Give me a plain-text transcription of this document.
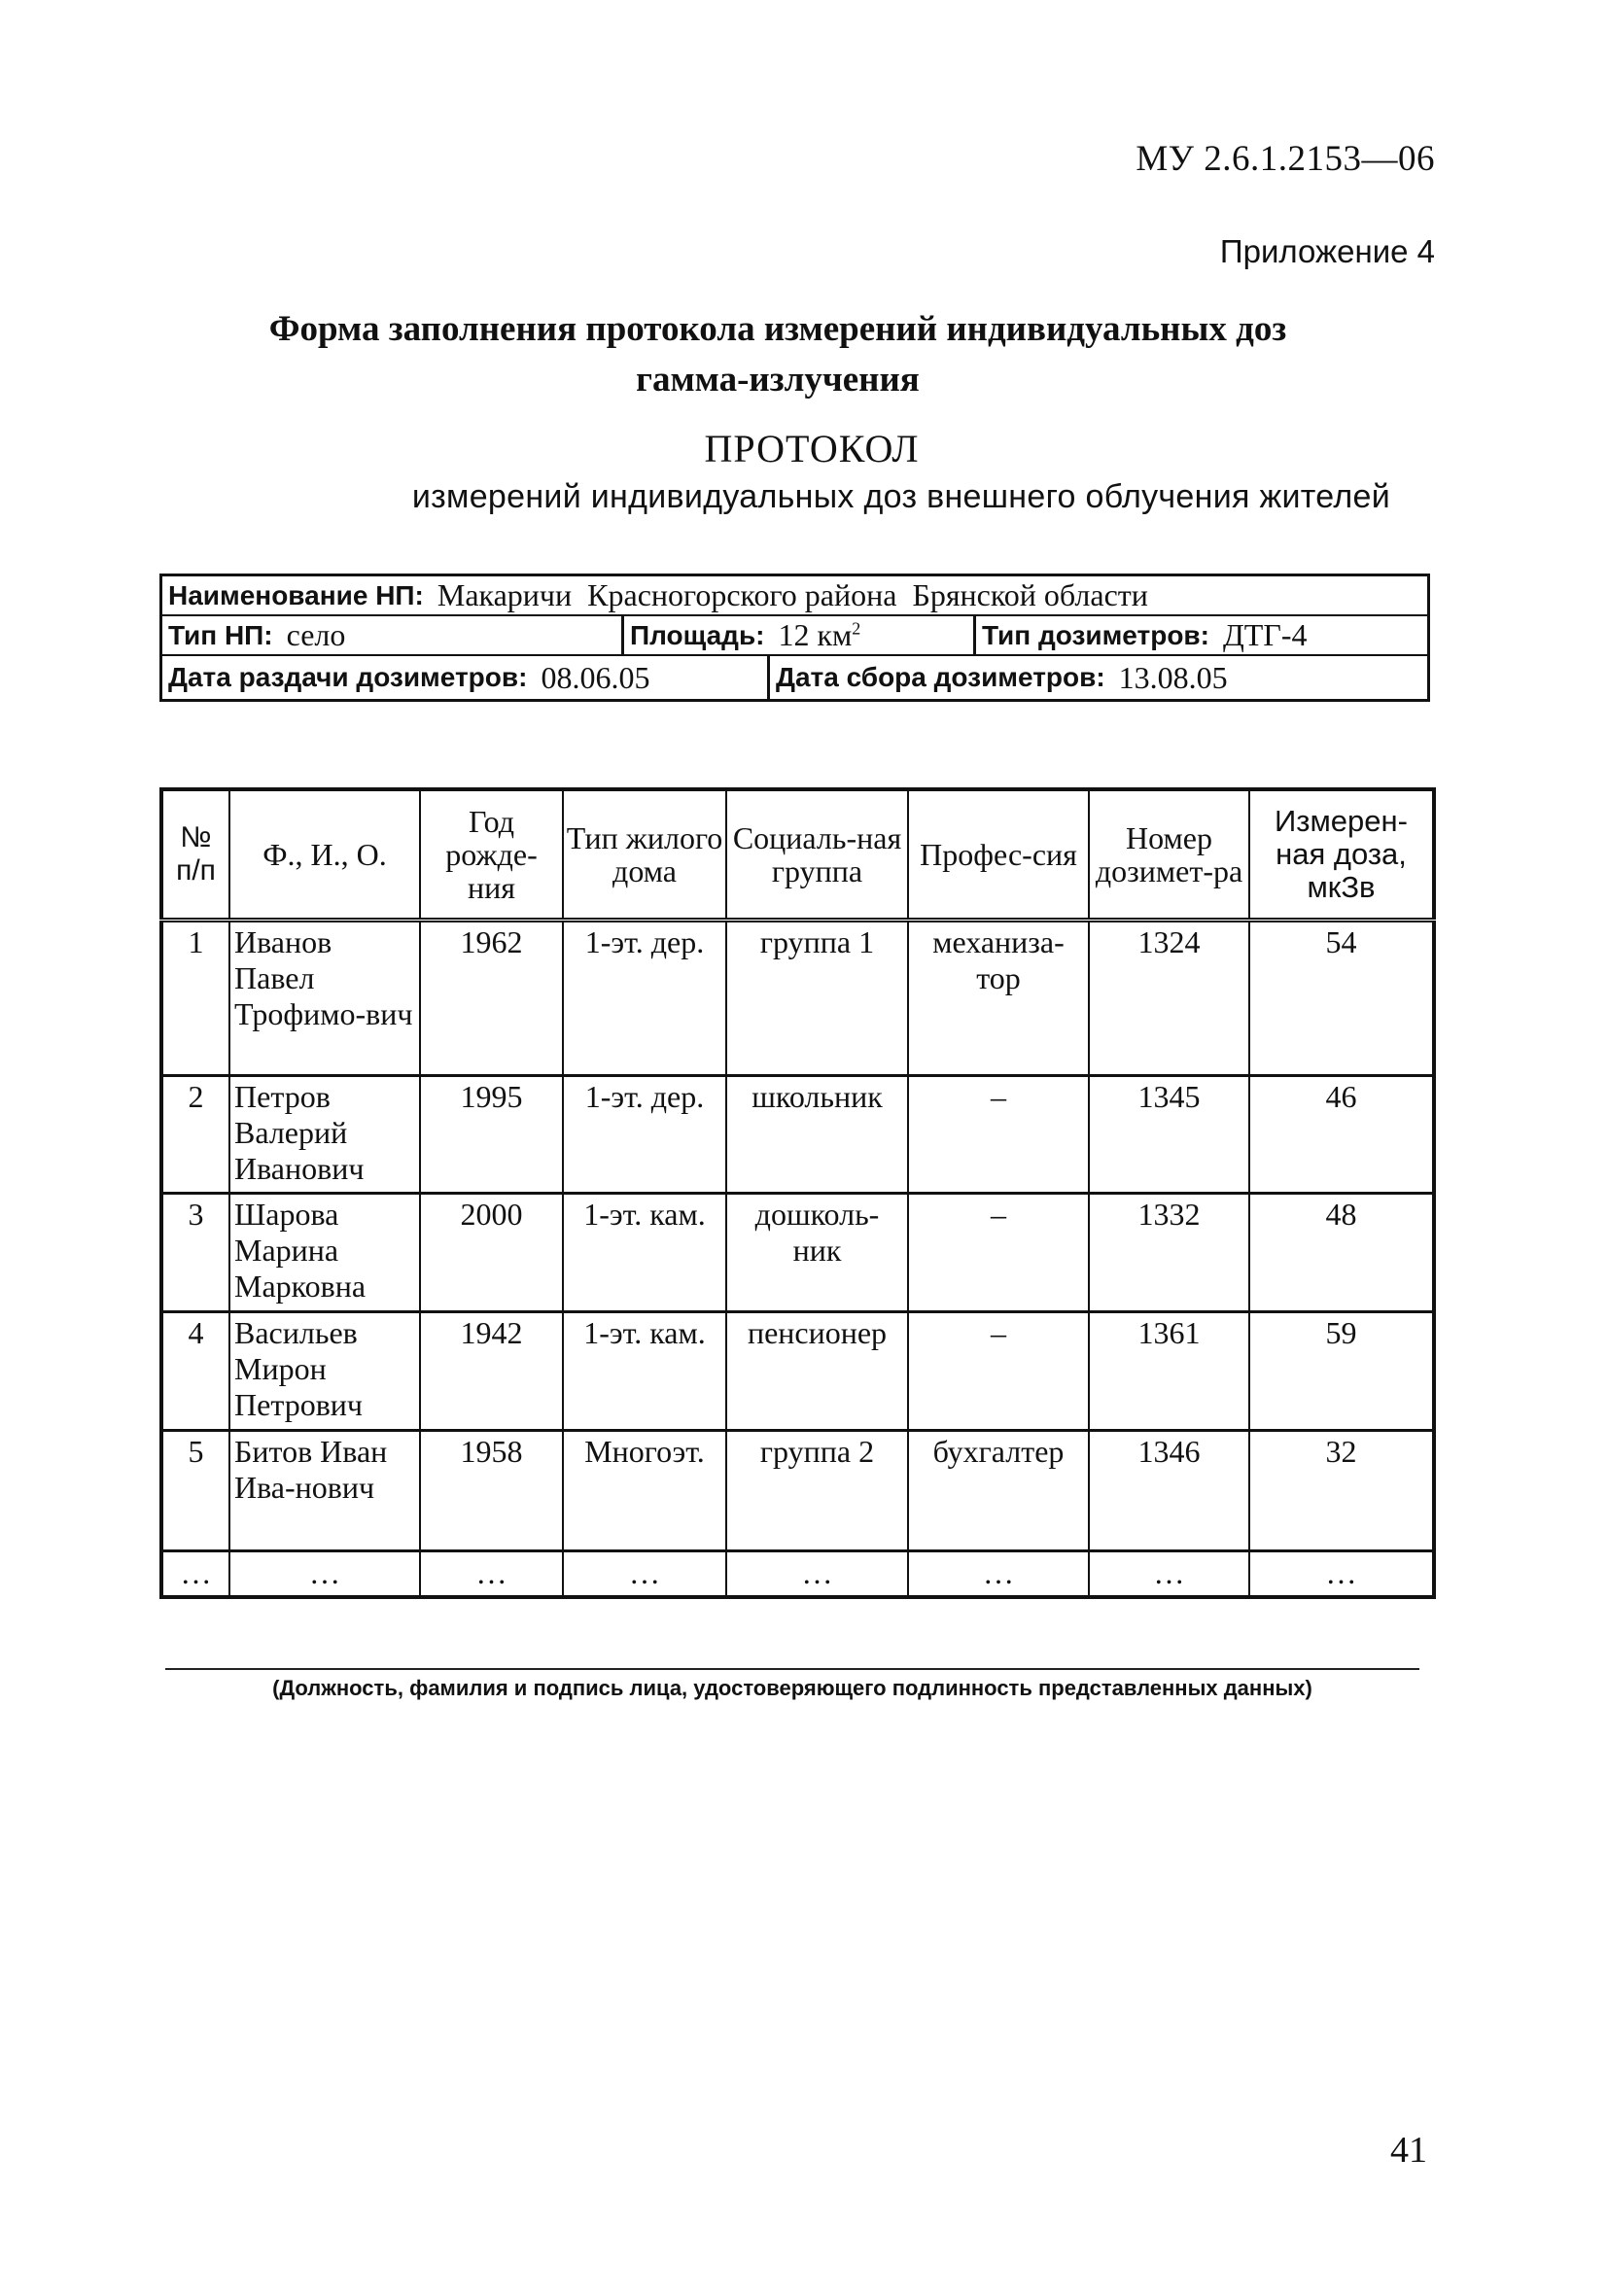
МУ 2.6.1.2153—06
Приложение 4
Форма заполнения протокола измерений индивидуальных доз
гамма-излучения
ПРОТОКОЛ
измерений индивидуальных доз внешнего облучения жителей
Наименование НП: Макаричи  Красногорского района  Брянской области
Тип НП: село	Площадь: 12 $км^2$	Тип дозиметров: ДТГ-4
Дата раздачи дозиметров: 08.06.05	Дата сбора дозиметров: 13.08.05
№ п/п	Ф., И., О.	Год рожде-ния	Тип жилого дома	Социаль-ная группа	Профес-сия	Номер дозимет-ра	Измерен-ная доза, мкЗв
1	Иванов Павел Трофимо-вич	1962	1-эт. дер.	группа 1	механиза-тор	1324	54
2	Петров Валерий Иванович	1995	1-эт. дер.	школьник	–	1345	46
3	Шарова Марина Марковна	2000	1-эт. кам.	дошколь-ник	–	1332	48
4	Васильев Мирон Петрович	1942	1-эт. кам.	пенсионер	–	1361	59
5	Битов Иван Ива-нович	1958	Многоэт.	группа 2	бухгалтер	1346	32
…	…	…	…	…	…	…	…
(Должность, фамилия и подпись лица, удостоверяющего подлинность представленных данных)
41
